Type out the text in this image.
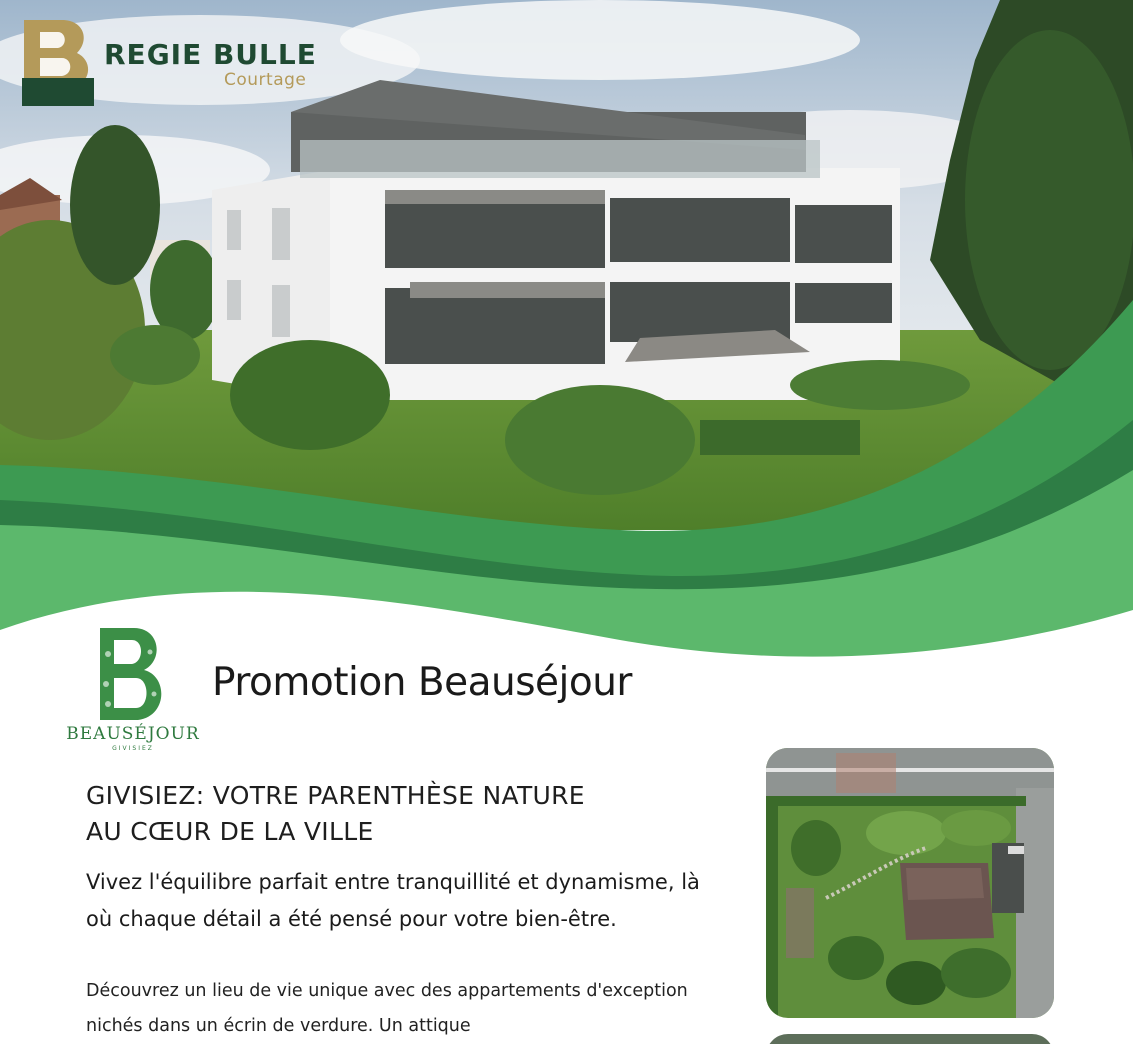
REGIE BULLE
Courtage
BEAUSÉJOUR
GIVISIEZ
Promotion Beauséjour
GIVISIEZ: VOTRE PARENTHÈSE NATURE
AU CŒUR DE LA VILLE

Vivez l'équilibre parfait entre tranquillité et dynamisme, là où chaque détail a été pensé pour votre bien-être.

Découvrez un lieu de vie unique avec des appartements d'exception nichés dans un écrin de verdure. Un attique
